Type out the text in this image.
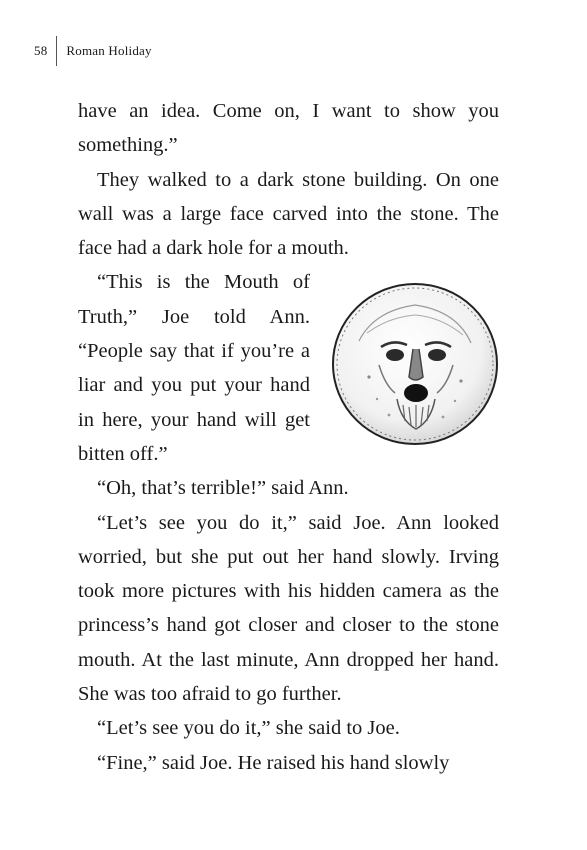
58	Roman Holiday

have an idea. Come on, I want to show you something.”

They walked to a dark stone building. On one wall was a large face carved into the stone. The face had a dark hole for a mouth.

“This is the Mouth of Truth,” Joe told Ann. “People say that if you’re a liar and you put your hand in here, your hand will get bitten off.”

“Oh, that’s terrible!” said Ann.

“Let’s see you do it,” said Joe. Ann looked worried, but she put out her hand slowly. Irving took more pictures with his hidden camera as the princess’s hand got closer and closer to the stone mouth. At the last minute, Ann dropped her hand. She was too afraid to go further.

“Let’s see you do it,” she said to Joe.

“Fine,” said Joe. He raised his hand slowly
